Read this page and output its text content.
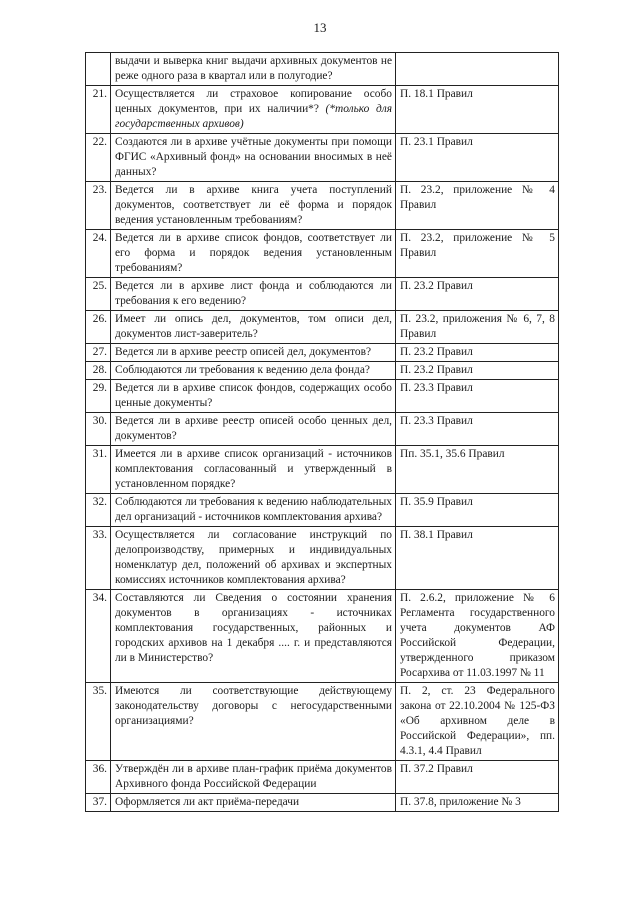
13
	выдачи и выверка книг выдачи архивных документов не реже одного раза в квартал или в полугодие?		
21.	Осуществляется ли страховое копирование особо ценных документов, при их наличии*? (*только для государственных архивов)	П. 18.1 Правил	
22.	Создаются ли в архиве учётные документы при помощи ФГИС «Архивный фонд» на основании вносимых в неё данных?	П. 23.1 Правил	
23.	Ведется ли в архиве книга учета поступлений документов, соответствует ли её форма и порядок ведения установленным требованиям?	П. 23.2, приложение № 4 Правил	
24.	Ведется ли в архиве список фондов, соответствует ли его форма и порядок ведения установленным требованиям?	П. 23.2, приложение № 5 Правил	
25.	Ведется ли в архиве лист фонда и соблюдаются ли требования к его ведению?	П. 23.2 Правил	
26.	Имеет ли опись дел, документов, том описи дел, документов лист-заверитель?	П. 23.2, приложения № 6, 7, 8 Правил	
27.	Ведется ли в архиве реестр описей дел, документов?	П. 23.2 Правил	
28.	Соблюдаются ли требования к ведению дела фонда?	П. 23.2 Правил	
29.	Ведется ли в архиве список фондов, содержащих особо ценные документы?	П. 23.3 Правил	
30.	Ведется ли в архиве реестр описей особо ценных дел, документов?	П. 23.3 Правил	
31.	Имеется ли в архиве список организаций - источников комплектования согласованный и утвержденный в установленном порядке?	Пп. 35.1, 35.6 Правил	
32.	Соблюдаются ли требования к ведению наблюдательных дел организаций - источников комплектования архива?	П. 35.9 Правил	
33.	Осуществляется ли согласование инструкций по делопроизводству, примерных и индивидуальных номенклатур дел, положений об архивах и экспертных комиссиях источников комплектования архива?	П. 38.1 Правил	
34.	Составляются ли Сведения о состоянии хранения документов в организациях - источниках комплектования государственных, районных и городских архивов на 1 декабря .... г. и представляются ли в Министерство?	П. 2.6.2, приложение № 6 Регламента государственного учета документов АФ Российской Федерации, утвержденного приказом Росархива от 11.03.1997 № 11	
35.	Имеются ли соответствующие действующему законодательству договоры с негосударственными организациями?	П. 2, ст. 23 Федерального закона от 22.10.2004 № 125-ФЗ «Об архивном деле в Российской Федерации», пп. 4.3.1, 4.4 Правил	
36.	Утверждён ли в архиве план-график приёма документов Архивного фонда Российской Федерации	П. 37.2 Правил	
37.	Оформляется ли акт приёма-передачи	П. 37.8, приложение № 3	
